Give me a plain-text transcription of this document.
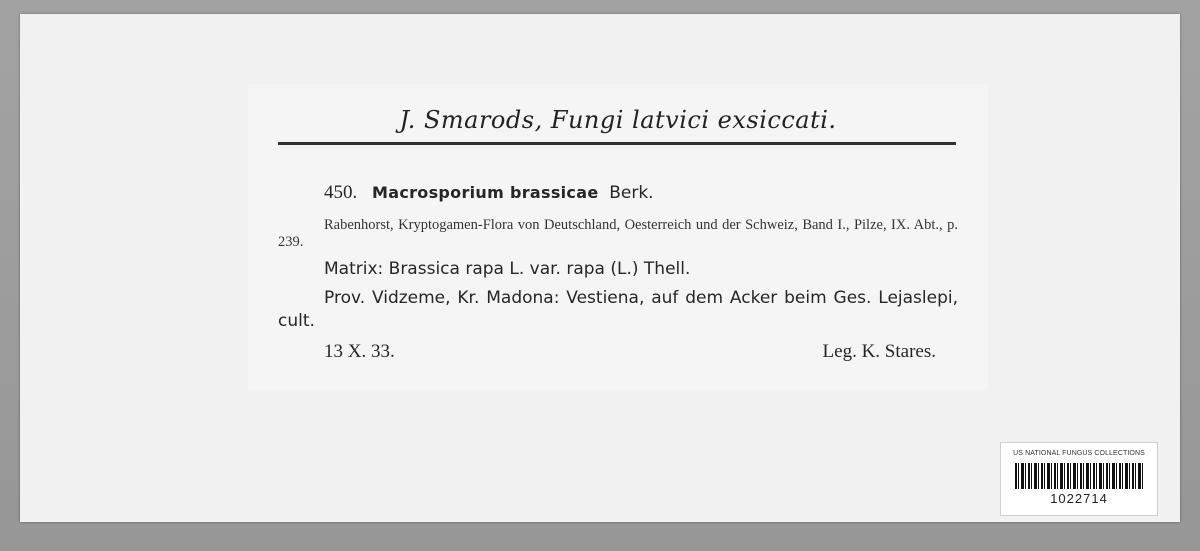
J. Smarods, Fungi latvici exsiccati.
450. Macrosporium brassicae Berk.
Rabenhorst, Kryptogamen-Flora von Deutschland, Oesterreich und der Schweiz, Band I., Pilze, IX. Abt., p. 239.
Matrix: Brassica rapa L. var. rapa (L.) Thell.
Prov. Vidzeme, Kr. Madona: Vestiena, auf dem Acker beim Ges. Lejaslepi, cult.
13 X. 33.	Leg. K. Stares.
US NATIONAL FUNGUS COLLECTIONS
1022714
